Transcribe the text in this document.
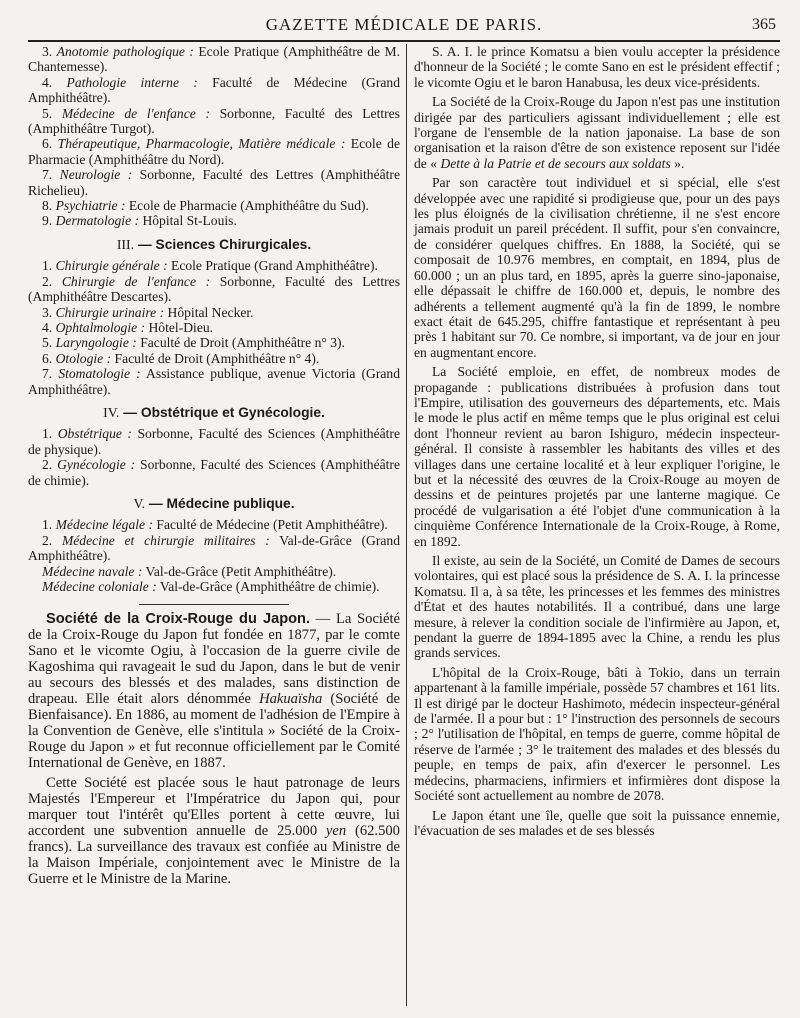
GAZETTE MÉDICALE DE PARIS.	365

3. Anotomie pathologique : Ecole Pratique (Amphithéâtre de M. Chantemesse).

4. Pathologie interne : Faculté de Médecine (Grand Amphithéâtre).

5. Médecine de l'enfance : Sorbonne, Faculté des Lettres (Amphithéâtre Turgot).

6. Thérapeutique, Pharmacologie, Matière médicale : Ecole de Pharmacie (Amphithéâtre du Nord).

7. Neurologie : Sorbonne, Faculté des Lettres (Amphithéâtre Richelieu).

8. Psychiatrie : Ecole de Pharmacie (Amphithéâtre du Sud).

9. Dermatologie : Hôpital St-Louis.

III. — Sciences Chirurgicales.

1. Chirurgie générale : Ecole Pratique (Grand Amphithéâtre).

2. Chirurgie de l'enfance : Sorbonne, Faculté des Lettres (Amphithéâtre Descartes).

3. Chirurgie urinaire : Hôpital Necker.

4. Ophtalmologie : Hôtel-Dieu.

5. Laryngologie : Faculté de Droit (Amphithéâtre n° 3).

6. Otologie : Faculté de Droit (Amphithéâtre n° 4).

7. Stomatologie : Assistance publique, avenue Victoria (Grand Amphithéâtre).

IV. — Obstétrique et Gynécologie.

1. Obstétrique : Sorbonne, Faculté des Sciences (Amphithéâtre de physique).

2. Gynécologie : Sorbonne, Faculté des Sciences (Amphithéâtre de chimie).

V. — Médecine publique.

1. Médecine légale : Faculté de Médecine (Petit Amphithéâtre).

2. Médecine et chirurgie militaires : Val-de-Grâce (Grand Amphithéâtre).

Médecine navale : Val-de-Grâce (Petit Amphithéâtre).

Médecine coloniale : Val-de-Grâce (Amphithéâtre de chimie).

Société de la Croix-Rouge du Japon. — La Société de la Croix-Rouge du Japon fut fondée en 1877, par le comte Sano et le vicomte Ogiu, à l'occasion de la guerre civile de Kagoshima qui ravageait le sud du Japon, dans le but de venir au secours des blessés et des malades, sans distinction de drapeau. Elle était alors dénommée Hakuaïsha (Société de Bienfaisance). En 1886, au moment de l'adhésion de l'Empire à la Convention de Genève, elle s'intitula » Société de la Croix-Rouge du Japon » et fut reconnue officiellement par le Comité International de Genève, en 1887.

Cette Société est placée sous le haut patronage de leurs Majestés l'Empereur et l'Impératrice du Japon qui, pour marquer tout l'intérêt qu'Elles portent à cette œuvre, lui accordent une subvention annuelle de 25.000 yen (62.500 francs). La surveillance des travaux est confiée au Ministre de la Maison Impériale, conjointement avec le Ministre de la Guerre et le Ministre de la Marine.

S. A. I. le prince Komatsu a bien voulu accepter la présidence d'honneur de la Société ; le comte Sano en est le président effectif ; le vicomte Ogiu et le baron Hanabusa, les deux vice-présidents.

La Société de la Croix-Rouge du Japon n'est pas une institution dirigée par des particuliers agissant individuellement ; elle est l'organe de l'ensemble de la nation japonaise. La base de son organisation et la raison d'être de son existence reposent sur l'idée de « Dette à la Patrie et de secours aux soldats ».

Par son caractère tout individuel et si spécial, elle s'est développée avec une rapidité si prodigieuse que, pour un des pays les plus éloignés de la civilisation chrétienne, il ne s'est encore jamais produit un pareil précédent. Il suffit, pour s'en convaincre, de considérer quelques chiffres. En 1888, la Société, qui se composait de 10.976 membres, en comptait, en 1894, plus de 60.000 ; un an plus tard, en 1895, après la guerre sino-japonaise, elle dépassait le chiffre de 160.000 et, depuis, le nombre des adhérents a tellement augmenté qu'à la fin de 1899, le nombre exact était de 645.295, chiffre fantastique et représentant à peu près 1 habitant sur 70. Ce nombre, si important, va de jour en jour en augmentant encore.

La Société emploie, en effet, de nombreux modes de propagande : publications distribuées à profusion dans tout l'Empire, utilisation des gouverneurs des départements, etc. Mais le mode le plus actif en même temps que le plus original est celui dont l'honneur revient au baron Ishiguro, médecin inspecteur-général. Il consiste à rassembler les habitants des villes et des villages dans une certaine localité et à leur expliquer l'origine, le but et la nécessité des œuvres de la Croix-Rouge au moyen de dessins et de peintures projetés par une lanterne magique. Ce procédé de vulgarisation a été l'objet d'une communication à la cinquième Conférence Internationale de la Croix-Rouge, à Rome, en 1892.

Il existe, au sein de la Société, un Comité de Dames de secours volontaires, qui est placé sous la présidence de S. A. I. la princesse Komatsu. Il a, à sa tête, les princesses et les femmes des ministres d'État et des hautes notabilités. Il a contribué, dans une large mesure, à relever la condition sociale de l'infirmière au Japon, et, pendant la guerre de 1894-1895 avec la Chine, a rendu les plus grands services.

L'hôpital de la Croix-Rouge, bâti à Tokio, dans un terrain appartenant à la famille impériale, possède 57 chambres et 161 lits. Il est dirigé par le docteur Hashimoto, médecin inspecteur-général de l'armée. Il a pour but : 1° l'instruction des personnels de secours ; 2° l'utilisation de l'hôpital, en temps de guerre, comme hôpital de réserve de l'armée ; 3° le traitement des malades et des blessés du peuple, en temps de paix, afin d'exercer le personnel. Les médecins, pharmaciens, infirmiers et infirmières dont dispose la Société sont actuellement au nombre de 2078.

Le Japon étant une île, quelle que soit la puissance ennemie, l'évacuation de ses malades et de ses blessés
